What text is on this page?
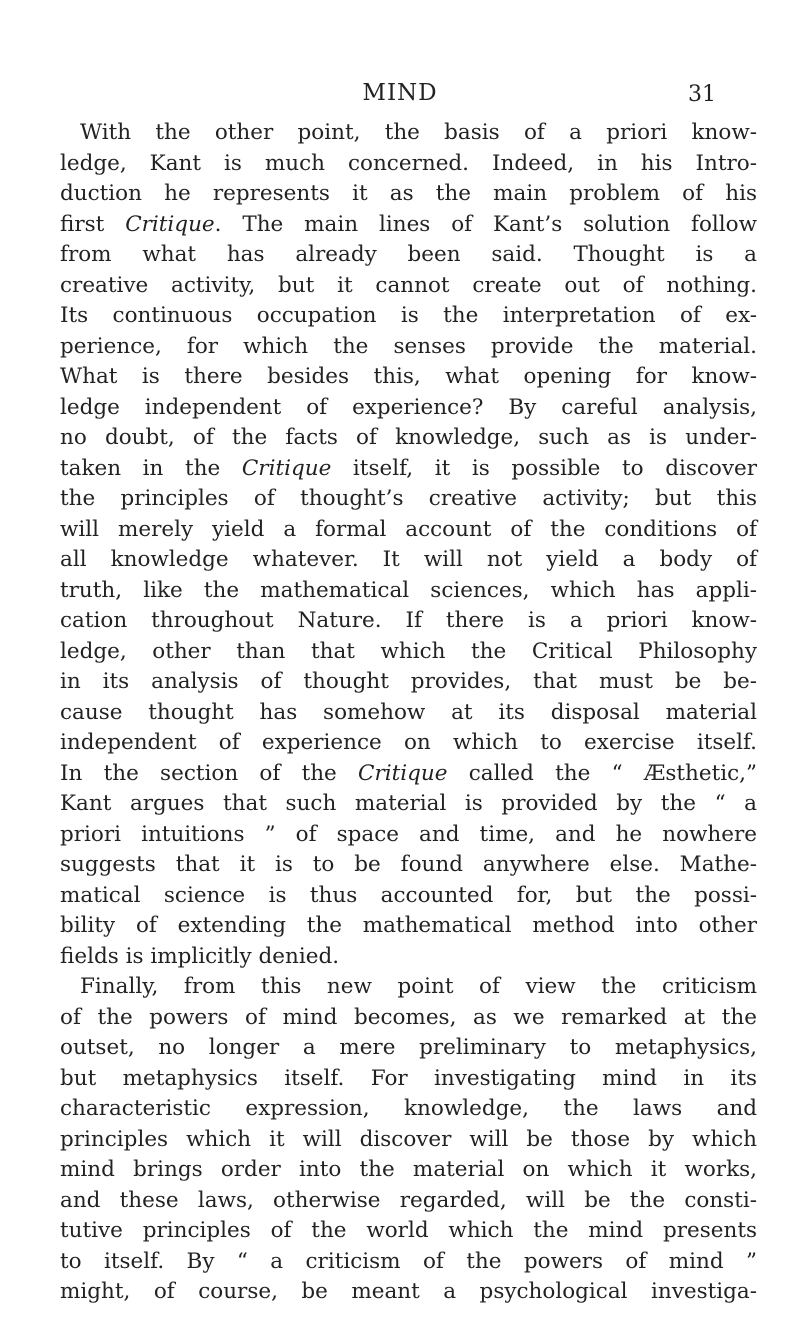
MIND	31
With the other point, the basis of a priori know-
ledge, Kant is much concerned. Indeed, in his Intro-
duction he represents it as the main problem of his
first Critique. The main lines of Kant’s solution follow
from what has already been said. Thought is a
creative activity, but it cannot create out of nothing.
Its continuous occupation is the interpretation of ex-
perience, for which the senses provide the material.
What is there besides this, what opening for know-
ledge independent of experience? By careful analysis,
no doubt, of the facts of knowledge, such as is under-
taken in the Critique itself, it is possible to discover
the principles of thought’s creative activity; but this
will merely yield a formal account of the conditions of
all knowledge whatever. It will not yield a body of
truth, like the mathematical sciences, which has appli-
cation throughout Nature. If there is a priori know-
ledge, other than that which the Critical Philosophy
in its analysis of thought provides, that must be be-
cause thought has somehow at its disposal material
independent of experience on which to exercise itself.
In the section of the Critique called the “ Æsthetic,”
Kant argues that such material is provided by the “ a
priori intuitions ” of space and time, and he nowhere
suggests that it is to be found anywhere else. Mathe-
matical science is thus accounted for, but the possi-
bility of extending the mathematical method into other
fields is implicitly denied.
Finally, from this new point of view the criticism
of the powers of mind becomes, as we remarked at the
outset, no longer a mere preliminary to metaphysics,
but metaphysics itself. For investigating mind in its
characteristic expression, knowledge, the laws and
principles which it will discover will be those by which
mind brings order into the material on which it works,
and these laws, otherwise regarded, will be the consti-
tutive principles of the world which the mind presents
to itself. By “ a criticism of the powers of mind ”
might, of course, be meant a psychological investiga-
